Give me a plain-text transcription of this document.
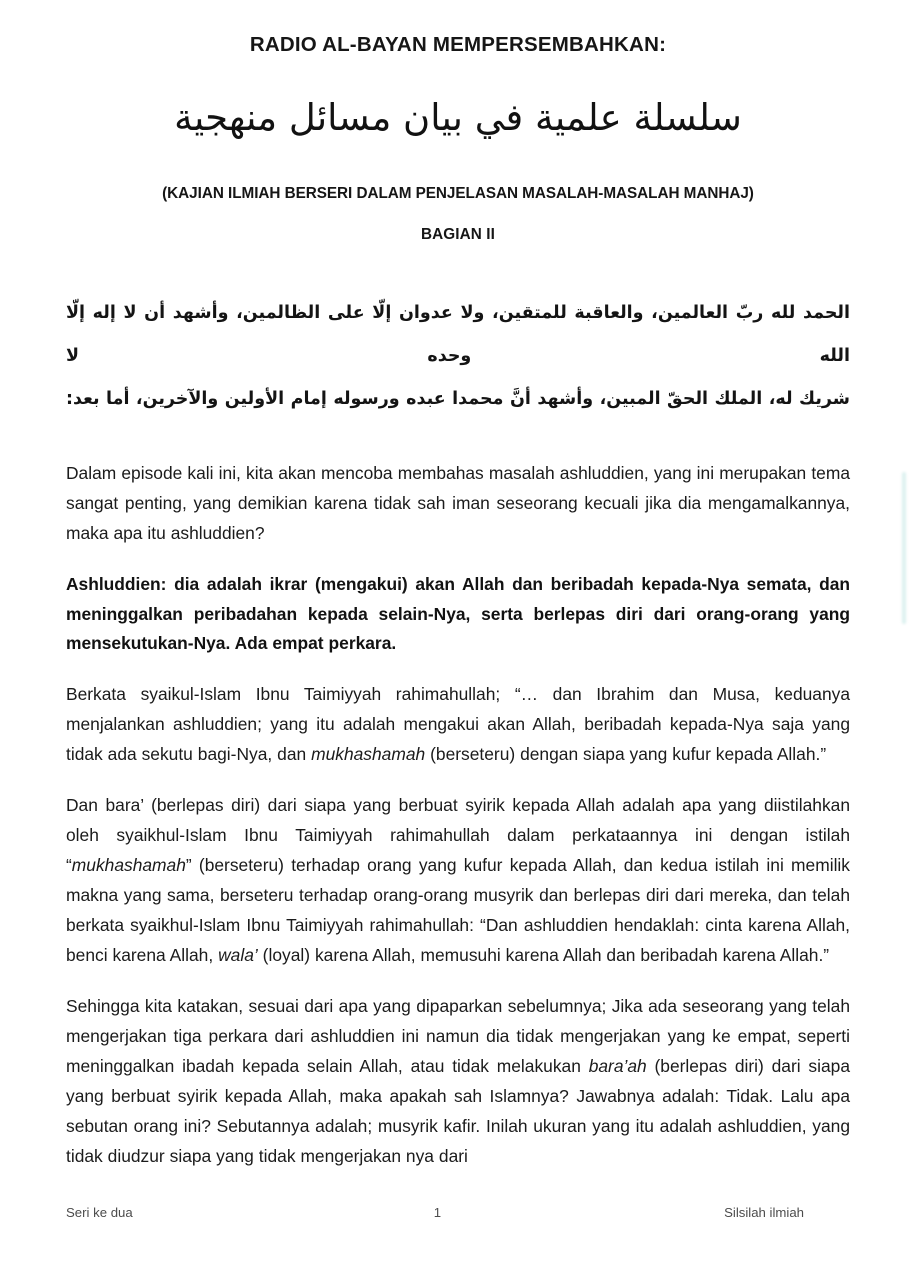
RADIO AL-BAYAN MEMPERSEMBAHKAN:
سلسلة علمية في بيان مسائل منهجية
(KAJIAN ILMIAH BERSERI DALAM PENJELASAN MASALAH-MASALAH MANHAJ)
BAGIAN II
الحمد لله ربّ العالمين، والعاقبة للمتقين، ولا عدوان إلّا على الظالمين، وأشهد أن لا إله إلّا الله وحده لا
شريك له، الملك الحقّ المبين، وأشهد أنَّ محمدا عبده ورسوله إمام الأولين والآخرين، أما بعد:

Dalam episode kali ini, kita akan mencoba membahas masalah ashluddien, yang ini merupakan tema sangat penting, yang demikian karena tidak sah iman seseorang kecuali jika dia mengamalkannya, maka apa itu ashluddien?

Ashluddien: dia adalah ikrar (mengakui) akan Allah dan beribadah kepada-Nya semata, dan meninggalkan peribadahan kepada selain-Nya, serta berlepas diri dari orang-orang yang mensekutukan-Nya. Ada empat perkara.

Berkata syaikul-Islam Ibnu Taimiyyah rahimahullah; “… dan Ibrahim dan Musa, keduanya menjalankan ashluddien; yang itu adalah mengakui akan Allah, beribadah kepada-Nya saja yang tidak ada sekutu bagi-Nya, dan mukhashamah (berseteru) dengan siapa yang kufur kepada Allah.”

Dan bara’ (berlepas diri) dari siapa yang berbuat syirik kepada Allah adalah apa yang diistilahkan oleh syaikhul-Islam Ibnu Taimiyyah rahimahullah dalam perkataannya ini dengan istilah “mukhashamah” (berseteru) terhadap orang yang kufur kepada Allah, dan kedua istilah ini memilik makna yang sama, berseteru terhadap orang-orang musyrik dan berlepas diri dari mereka, dan telah berkata syaikhul-Islam Ibnu Taimiyyah rahimahullah: “Dan ashluddien hendaklah: cinta karena Allah, benci karena Allah, wala’ (loyal) karena Allah, memusuhi karena Allah dan beribadah karena Allah.”

Sehingga kita katakan, sesuai dari apa yang dipaparkan sebelumnya; Jika ada seseorang yang telah mengerjakan tiga perkara dari ashluddien ini namun dia tidak mengerjakan yang ke empat, seperti meninggalkan ibadah kepada selain Allah, atau tidak melakukan bara’ah (berlepas diri) dari siapa yang berbuat syirik kepada Allah, maka apakah sah Islamnya? Jawabnya adalah: Tidak. Lalu apa sebutan orang ini? Sebutannya adalah; musyrik kafir. Inilah ukuran yang itu adalah ashluddien, yang tidak diudzur siapa yang tidak mengerjakan nya dari

Seri ke dua	1	Silsilah ilmiah
